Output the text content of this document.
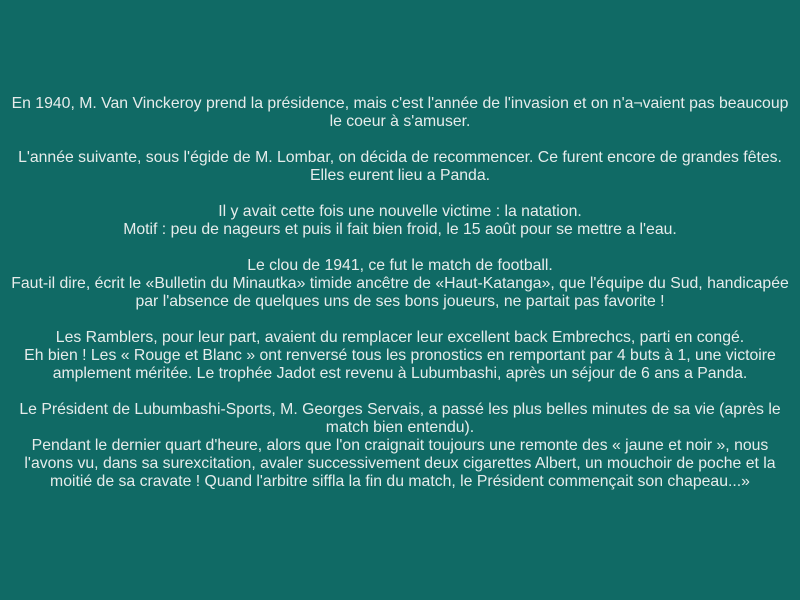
En 1940, M. Van Vinckeroy prend la présidence, mais c'est l'année de l'invasion et on n'a¬vaient pas beaucoup le coeur à s'amuser.

L'année suivante, sous l'égide de M. Lombar, on décida de recommencer. Ce furent encore de grandes fêtes. Elles eurent lieu a Panda.

Il y avait cette fois une nouvelle victime : la natation.
Motif : peu de nageurs et puis il fait bien froid, le 15 août pour se mettre a l'eau.

Le clou de 1941, ce fut le match de football.
Faut-il dire, écrit le «Bulletin du Minautka» timide ancêtre de «Haut-Katanga», que l'équipe du Sud, handicapée par l'absence de quelques uns de ses bons joueurs, ne partait pas favorite !

Les Ramblers, pour leur part, avaient du remplacer leur excellent back Embrechcs, parti en congé.
Eh bien ! Les « Rouge et Blanc » ont renversé tous les pronostics en remportant par 4 buts à 1, une victoire amplement méritée. Le trophée Jadot est revenu à Lubumbashi, après un séjour de 6 ans a Panda.

Le Président de Lubumbashi-Sports, M. Georges Servais, a passé les plus belles minutes de sa vie (après le match bien entendu).
Pendant le dernier quart d'heure, alors que l'on craignait toujours une remonte des « jaune et noir », nous l'avons vu, dans sa surexcitation, avaler successivement deux cigarettes Albert, un mouchoir de poche et la moitié de sa cravate ! Quand l'arbitre siffla la fin du match, le Président commençait son chapeau...»
